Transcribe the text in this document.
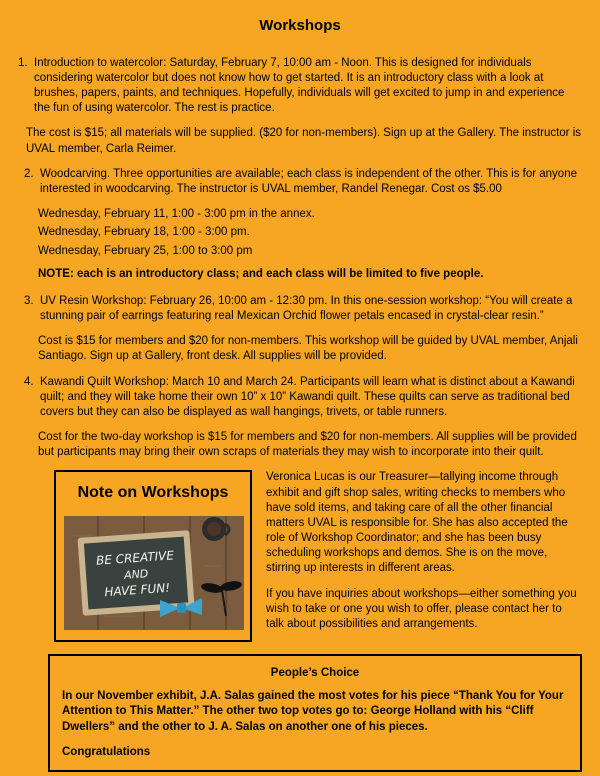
Workshops
1. Introduction to watercolor: Saturday, February 7, 10:00 am - Noon. This is designed for individuals considering watercolor but does not know how to get started. It is an introductory class with a look at brushes, papers, paints, and techniques. Hopefully, individuals will get excited to jump in and experience the fun of using watercolor. The rest is practice.

The cost is $15; all materials will be supplied. ($20 for non-members). Sign up at the Gallery. The instructor is UVAL member, Carla Reimer.

2. Woodcarving. Three opportunities are available; each class is independent of the other. This is for anyone interested in woodcarving. The instructor is UVAL member, Randel Renegar. Cost os $5.00

Wednesday, February 11, 1:00 - 3:00 pm in the annex.

Wednesday, February 18, 1:00 - 3:00 pm.

Wednesday, February 25, 1:00 to 3:00 pm

NOTE: each is an introductory class; and each class will be limited to five people.

3. UV Resin Workshop: February 26, 10:00 am - 12:30 pm. In this one-session workshop: “You will create a stunning pair of earrings featuring real Mexican Orchid flower petals encased in crystal-clear resin.”

Cost is $15 for members and $20 for non-members. This workshop will be guided by UVAL member, Anjali Santiago. Sign up at Gallery, front desk. All supplies will be provided.

4. Kawandi Quilt Workshop: March 10 and March 24. Participants will learn what is distinct about a Kawandi quilt; and they will take home their own 10” x 10” Kawandi quilt. These quilts can serve as traditional bed covers but they can also be displayed as wall hangings, trivets, or table runners.

Cost for the two-day workshop is $15 for members and $20 for non-members. All supplies will be provided but participants may bring their own scraps of materials they may wish to incorporate into their quilt.

Note on Workshops
BE CREATIVE
AND
HAVE FUN!

Veronica Lucas is our Treasurer—tallying income through exhibit and gift shop sales, writing checks to members who have sold items, and taking care of all the other financial matters UVAL is responsible for. She has also accepted the role of Workshop Coordinator; and she has been busy scheduling workshops and demos. She is on the move, stirring up interests in different areas.

If you have inquiries about workshops—either something you wish to take or one you wish to offer, please contact her to talk about possibilities and arrangements.

People’s Choice

In our November exhibit, J.A. Salas gained the most votes for his piece “Thank You for Your Attention to This Matter.” The other two top votes go to: George Holland with his “Cliff Dwellers” and the other to J. A. Salas on another one of his pieces.

Congratulations
